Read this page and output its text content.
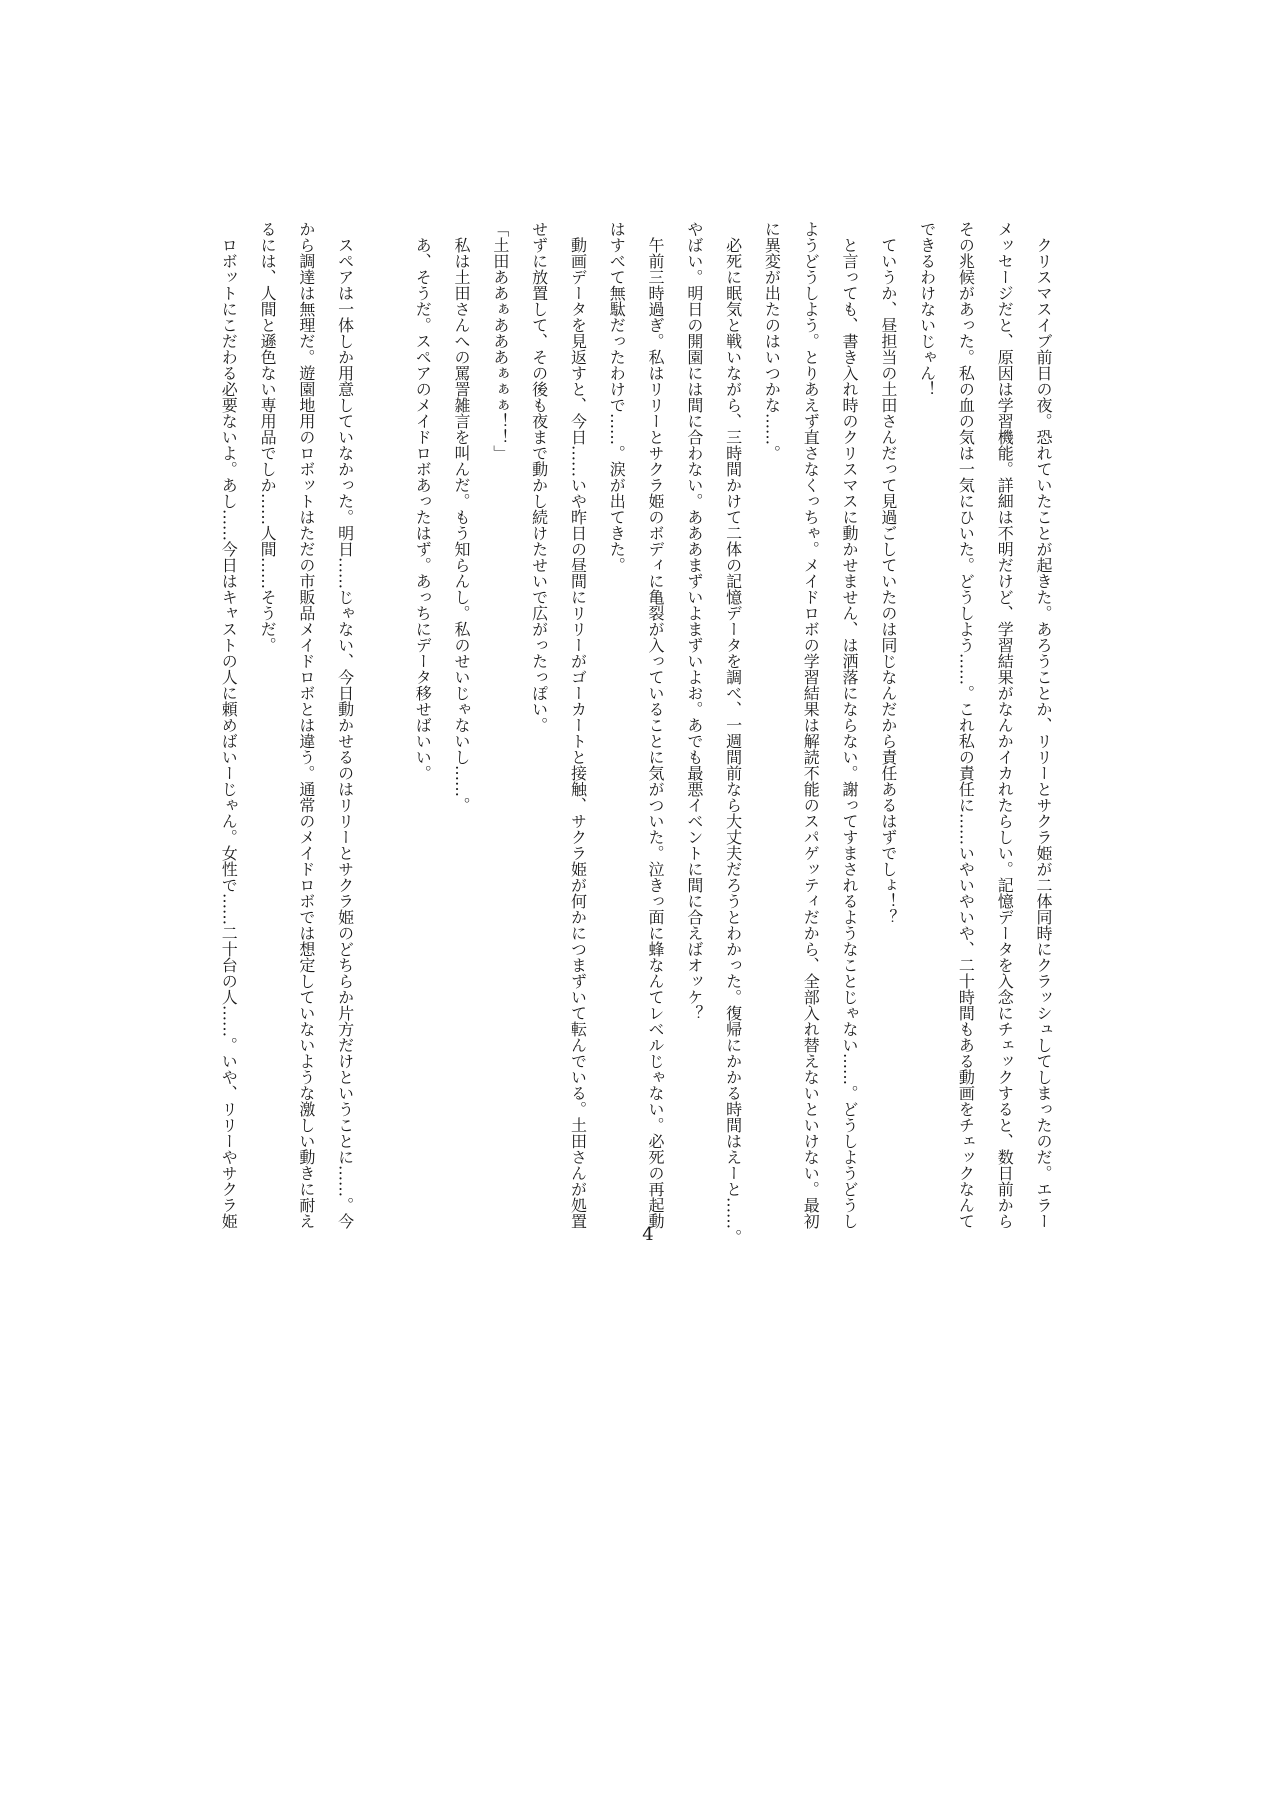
クリスマスイブ前日の夜。恐れていたことが起きた。あろうことか、リリーとサクラ姫が二体同時にクラッシュしてしまったのだ。エラー
メッセージだと、原因は学習機能。詳細は不明だけど、学習結果がなんかイカれたらしい。記憶データを入念にチェックすると、数日前から
その兆候があった。私の血の気は一気にひいた。どうしよう……。これ私の責任に……いやいやいや、二十時間もある動画をチェックなんて
できるわけないじゃん！
ていうか、昼担当の土田さんだって見過ごしていたのは同じなんだから責任あるはずでしょ！？
と言っても、書き入れ時のクリスマスに動かせません、は洒落にならない。謝ってすまされるようなことじゃない……。どうしようどうし
ようどうしよう。とりあえず直さなくっちゃ。メイドロボの学習結果は解読不能のスパゲッティだから、全部入れ替えないといけない。最初
に異変が出たのはいつかな……。
必死に眠気と戦いながら、三時間かけて二体の記憶データを調べ、一週間前なら大丈夫だろうとわかった。復帰にかかる時間はえーと……。
やばい。明日の開園には間に合わない。あああまずいよまずいよお。あでも最悪イベントに間に合えばオッケ？
午前三時過ぎ。私はリリーとサクラ姫のボディに亀裂が入っていることに気がついた。泣きっ面に蜂なんてレベルじゃない。必死の再起動
はすべて無駄だったわけで……。涙が出てきた。
動画データを見返すと、今日……いや昨日の昼間にリリーがゴーカートと接触、サクラ姫が何かにつまずいて転んでいる。土田さんが処置
せずに放置して、その後も夜まで動かし続けたせいで広がったっぽい。
「土田ああぁあああぁぁぁ！！」
私は土田さんへの罵詈雑言を叫んだ。もう知らんし。私のせいじゃないし……。
あ、そうだ。スペアのメイドロボあったはず。あっちにデータ移せばいい。
スペアは一体しか用意していなかった。明日……じゃない、今日動かせるのはリリーとサクラ姫のどちらか片方だけということに……。今
から調達は無理だ。遊園地用のロボットはただの市販品メイドロボとは違う。通常のメイドロボでは想定していないような激しい動きに耐え
るには、人間と遜色ない専用品でしか……人間……そうだ。
ロボットにこだわる必要ないよ。あし……今日はキャストの人に頼めばいーじゃん。女性で……二十台の人……。いや、リリーやサクラ姫
4
